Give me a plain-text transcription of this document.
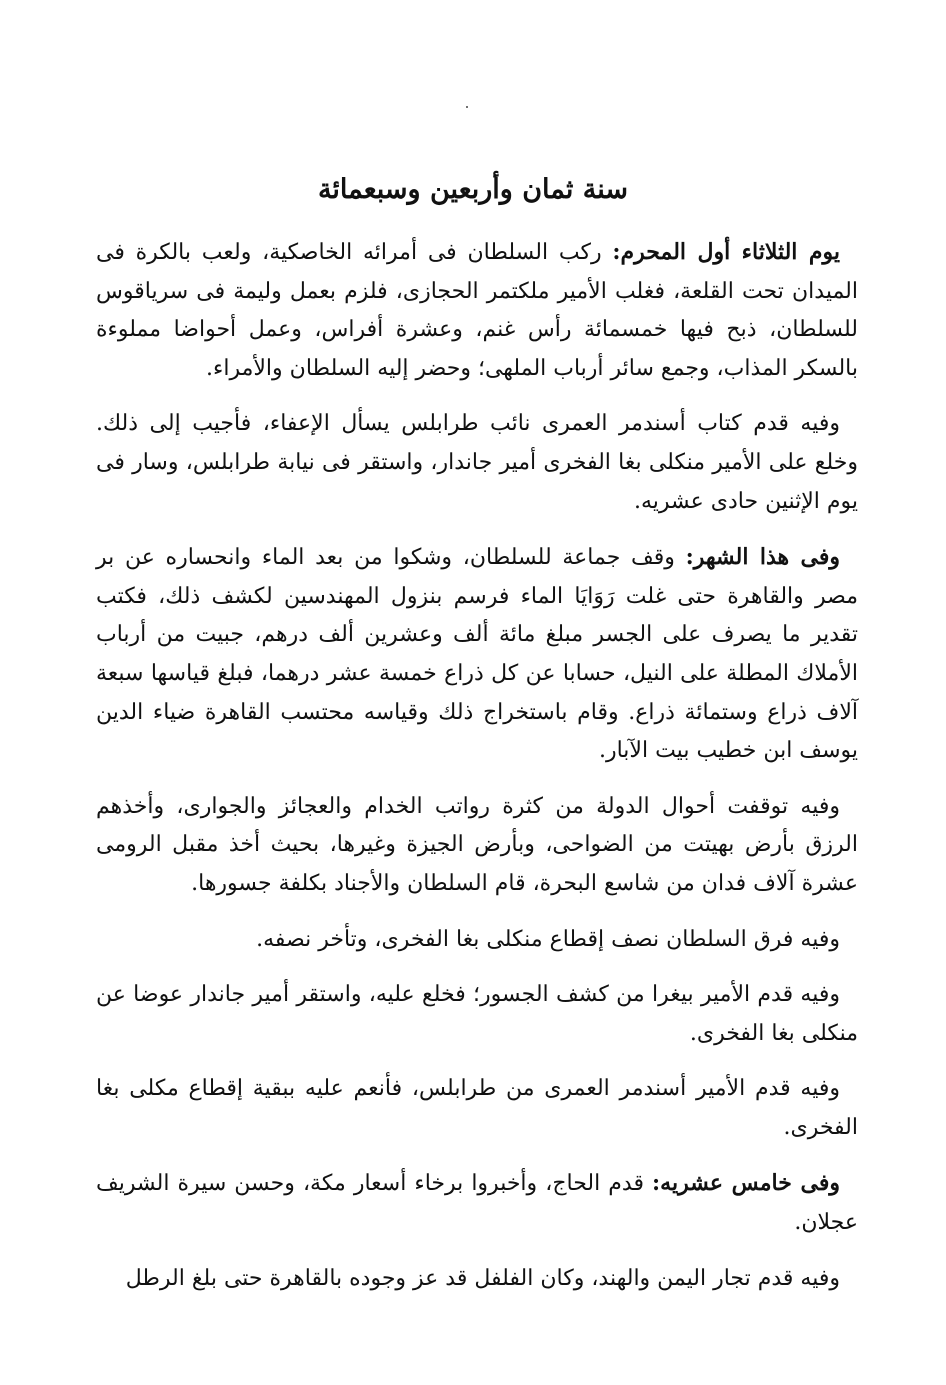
سنة ثمان وأربعين وسبعمائة

يوم الثلاثاء أول المحرم: ركب السلطان فى أمرائه الخاصكية، ولعب بالكرة فى الميدان تحت القلعة، فغلب الأمير ملكتمر الحجازى، فلزم بعمل وليمة فى سرياقوس للسلطان، ذبح فيها خمسمائة رأس غنم، وعشرة أفراس، وعمل أحواضا مملوءة بالسكر المذاب، وجمع سائر أرباب الملهى؛ وحضر إليه السلطان والأمراء.

وفيه قدم كتاب أسندمر العمرى نائب طرابلس يسأل الإعفاء، فأجيب إلى ذلك. وخلع على الأمير منكلى بغا الفخرى أمير جاندار، واستقر فى نيابة طرابلس، وسار فى يوم الإثنين حادى عشريه.

وفى هذا الشهر: وقف جماعة للسلطان، وشكوا من بعد الماء وانحساره عن بر مصر والقاهرة حتى غلت رَوَايَا الماء فرسم بنزول المهندسين لكشف ذلك، فكتب تقدير ما يصرف على الجسر مبلغ مائة ألف وعشرين ألف درهم، جبيت من أرباب الأملاك المطلة على النيل، حسابا عن كل ذراع خمسة عشر درهما، فبلغ قياسها سبعة آلاف ذراع وستمائة ذراع. وقام باستخراج ذلك وقياسه محتسب القاهرة ضياء الدين يوسف ابن خطيب بيت الآبار.

وفيه توقفت أحوال الدولة من كثرة رواتب الخدام والعجائز والجوارى، وأخذهم الرزق بأرض بهيتت من الضواحى، وبأرض الجيزة وغيرها، بحيث أخذ مقبل الرومى عشرة آلاف فدان من شاسع البحرة، قام السلطان والأجناد بكلفة جسورها.

وفيه فرق السلطان نصف إقطاع منكلى بغا الفخرى، وتأخر نصفه.

وفيه قدم الأمير بيغرا من كشف الجسور؛ فخلع عليه، واستقر أمير جاندار عوضا عن منكلى بغا الفخرى.

وفيه قدم الأمير أسندمر العمرى من طرابلس، فأنعم عليه ببقية إقطاع مكلى بغا الفخرى.

وفى خامس عشريه: قدم الحاج، وأخبروا برخاء أسعار مكة، وحسن سيرة الشريف عجلان.

وفيه قدم تجار اليمن والهند، وكان الفلفل قد عز وجوده بالقاهرة حتى بلغ الرطل
